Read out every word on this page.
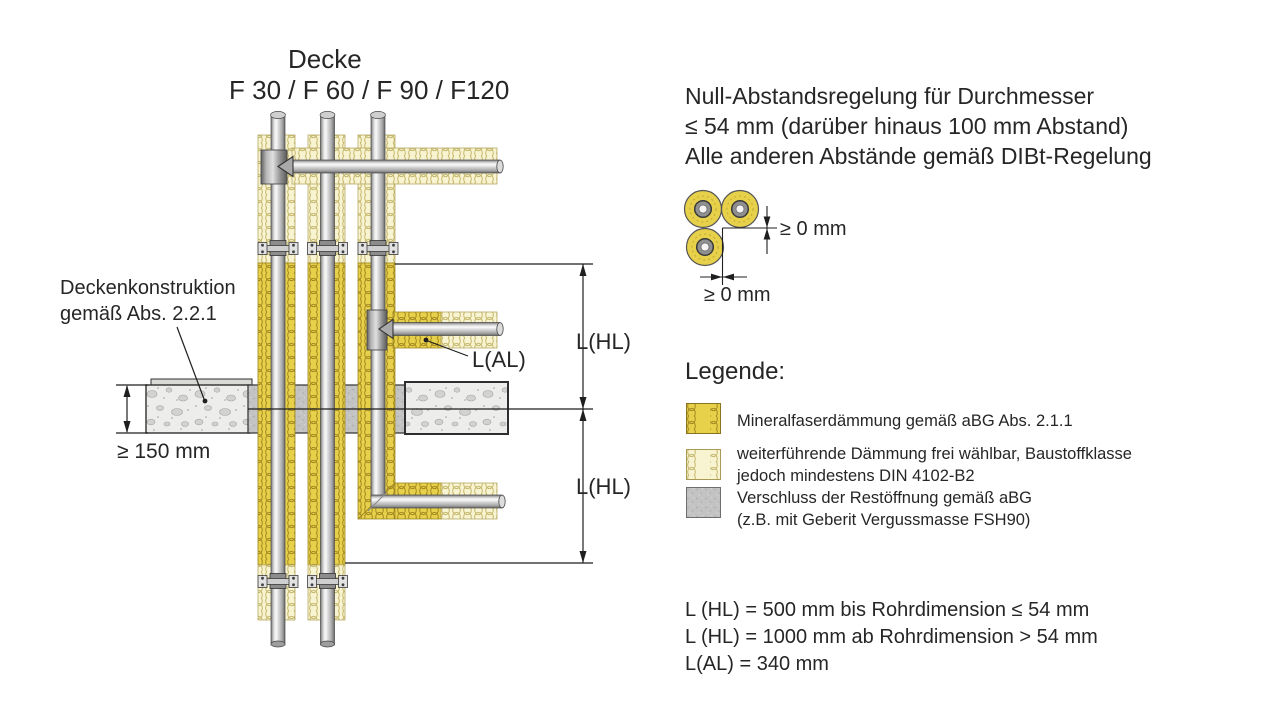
Decke
F 30 / F 60 / F 90 / F120
Deckenkonstruktion
gemäß Abs. 2.2.1
≥ 150 mm
L(AL)
L(HL)
L(HL)
Null-Abstandsregelung für Durchmesser
≤ 54 mm (darüber hinaus 100 mm Abstand)
Alle anderen Abstände gemäß DIBt-Regelung
≥ 0 mm
≥ 0 mm
Legende:
Mineralfaserdämmung gemäß aBG Abs. 2.1.1
weiterführende Dämmung frei wählbar, Baustoffklasse
jedoch mindestens DIN 4102-B2
Verschluss der Restöffnung gemäß aBG
(z.B. mit Geberit Vergussmasse FSH90)
L (HL) = 500 mm bis Rohrdimension ≤ 54 mm
L (HL) = 1000 mm ab Rohrdimension > 54 mm
L(AL) = 340 mm
